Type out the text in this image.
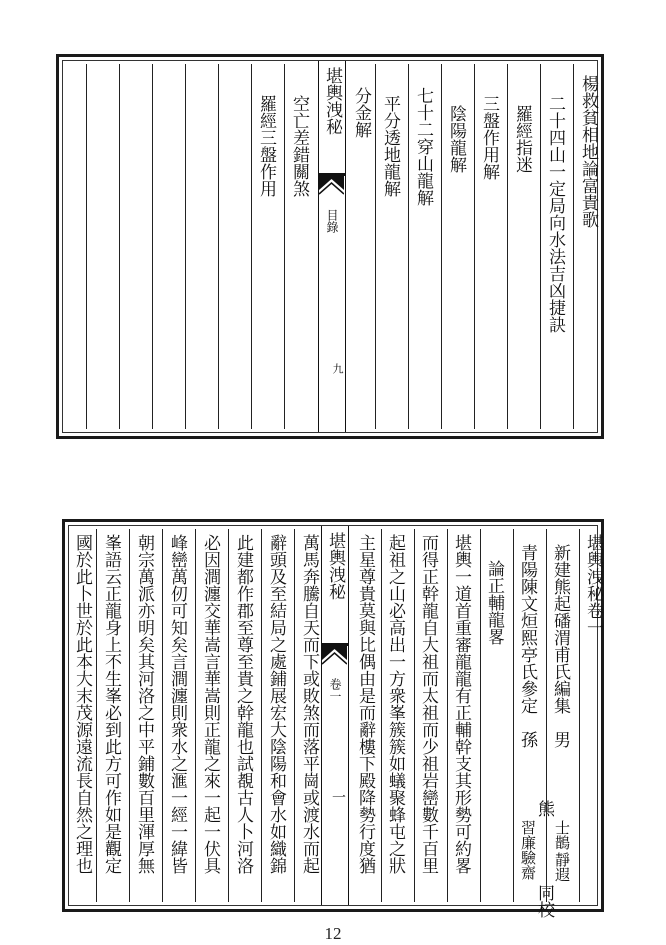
堪輿洩秘
目錄
九
楊救貧相地論富貴歌
二十四山一定局向水法吉凶捷訣
羅經指迷
三盤作用解
陰陽龍解
七十二穿山龍解
平分透地龍解
分金解
空亡差錯關煞
羅經三盤作用
堪輿洩秘
卷一
一
堪輿洩秘卷一
新建熊起磻渭甫氏編集　男
士鵲
靜遐
青陽陳文烜熙亭氏參定　孫
熊
習廉驗齋
同校
論正輔龍畧
堪輿一道首重審龍龍有正輔幹支其形勢可約畧
而得正幹龍自大祖而太祖而少祖岩巒數千百里
起祖之山必高出一方衆峯簇簇如蟻聚蜂屯之狀
主星尊貴莫與比偶由是而辭樓下殿降勢行度猶
萬馬奔騰自天而下或敗煞而落平崗或渡水而起
辭頭及至結局之處鋪展宏大陰陽和會水如織錦
此建都作郡至尊至貴之幹龍也試覩古人卜河洛
必因澗瀍交華嵩言華嵩則正龍之來一起一伏具
峰巒萬仞可知矣言澗瀍則衆水之滙一經一緯皆
朝宗萬派亦明矣其河洛之中平鋪數百里渾厚無
峯語云正龍身上不生峯必到此方可作如是觀定
國於此卜世於此本大末茂源遠流長自然之理也
12
